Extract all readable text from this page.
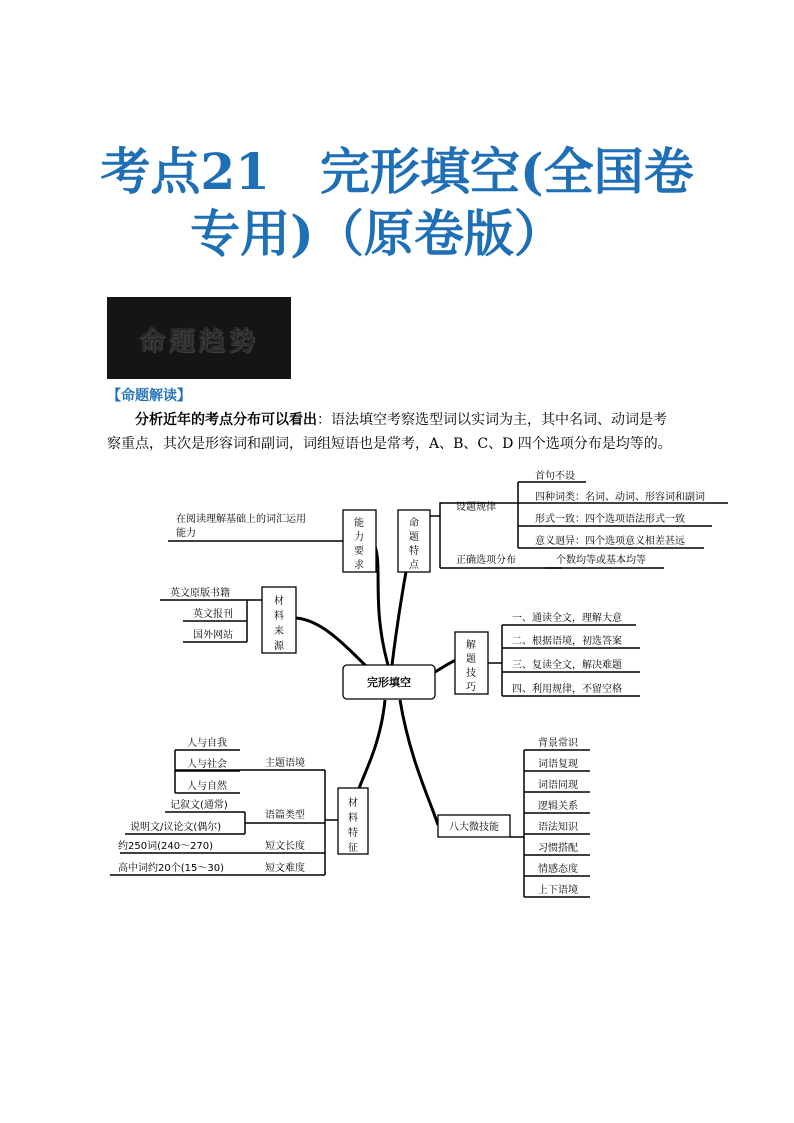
考点21　完形填空(全国卷
专用)（原卷版）
命题趋势
【命题解读】

分析近年的考点分布可以看出：语法填空考察选型词以实词为主，其中名词、动词是考

察重点，其次是形容词和副词，词组短语也是常考，A、B、C、D 四个选项分布是均等的。

完形填空
能
力
要
求
命
题
特
点
材
料
来
源	解
题
技
巧
材
料
特
征
在阅读理解基础上的词汇运用
能力
设题规律
首句不设
四种词类：名词、动词、形容词和副词
形式一致：四个选项语法形式一致
意义迥异：四个选项意义相差甚远
正确选项分布	个数均等或基本均等
英文原版书籍
英文报刊
国外网站
一、通读全文，理解大意
二、根据语境，初选答案
三、复读全文，解决难题
四、利用规律，不留空格
人与自我
人与社会
人与自然
主题语境
记叙文(通常)
说明文/议论文(偶尔)
语篇类型
约250词(240～270)	短文长度
高中词约20个(15～30)	短文难度
八大微技能
背景常识
词语复现
词语同现
逻辑关系
语法知识
习惯搭配
情感态度
上下语境
